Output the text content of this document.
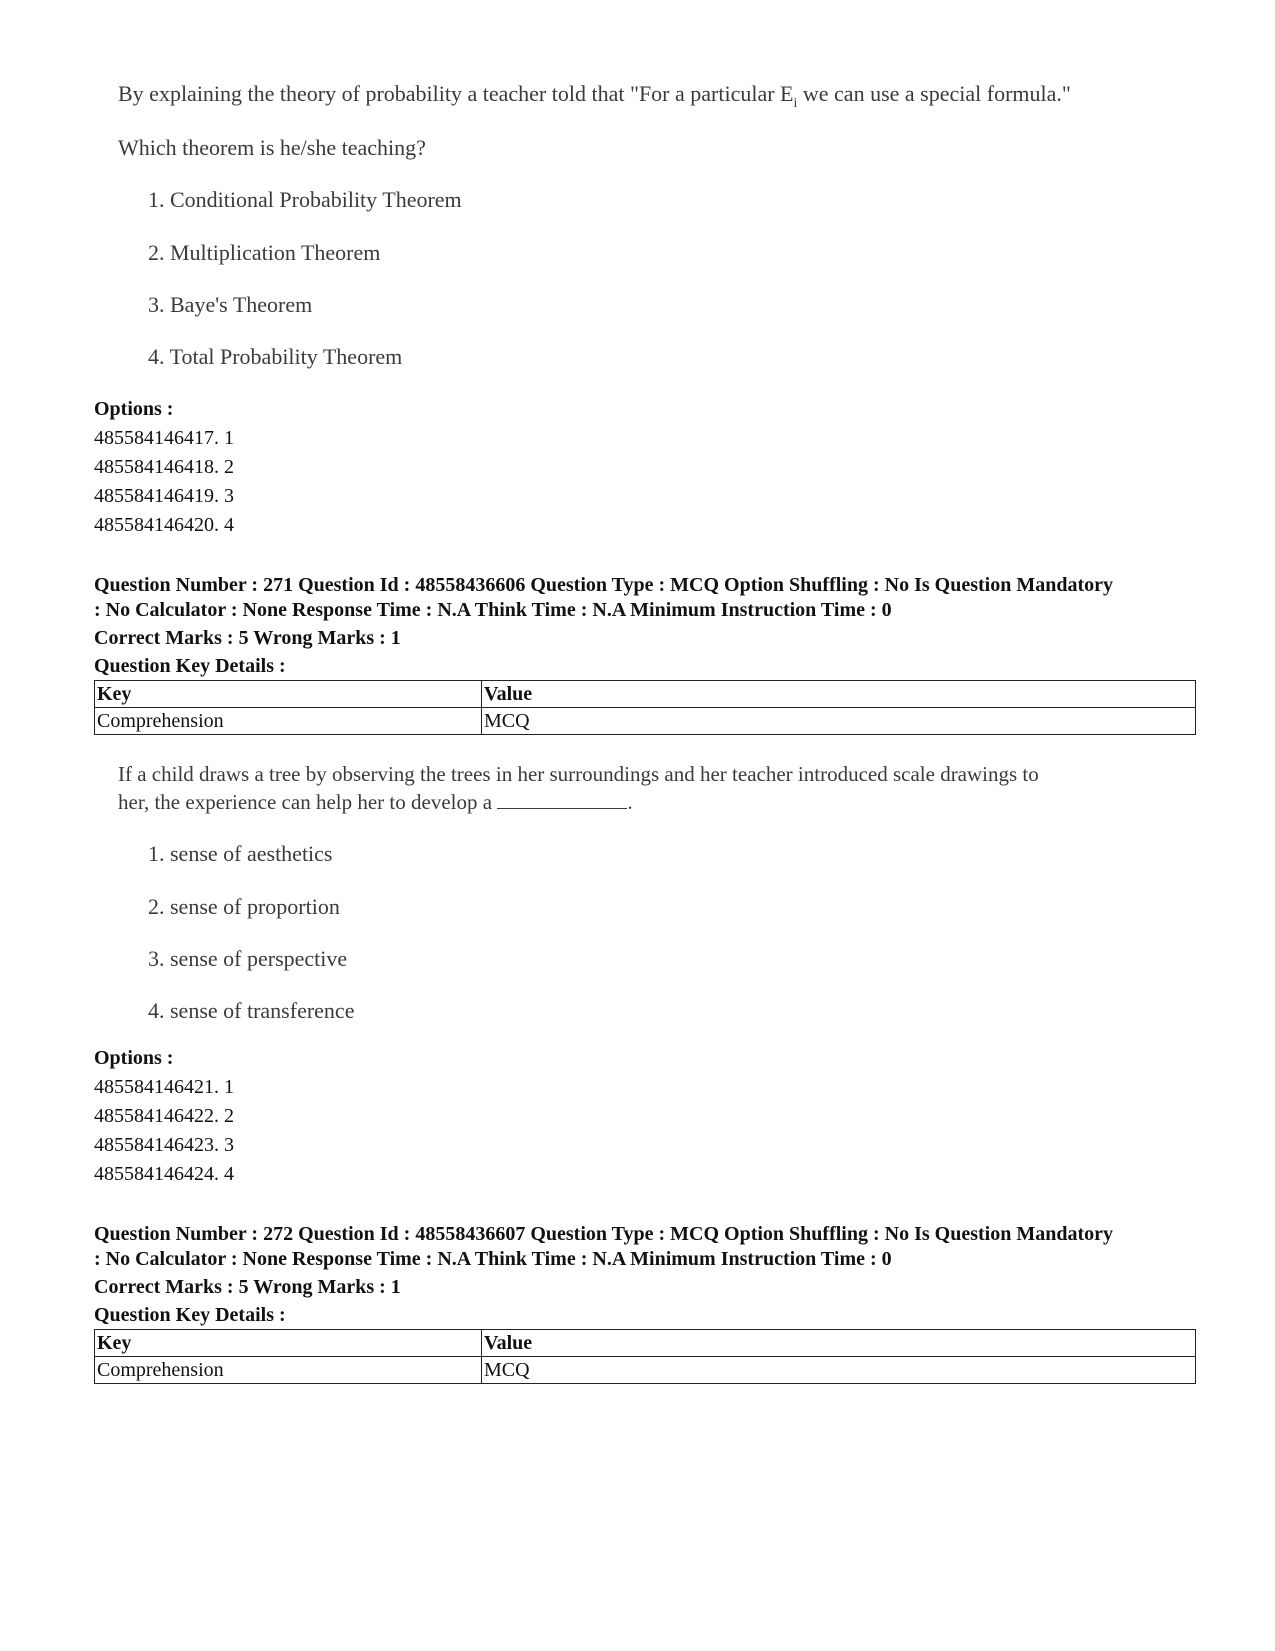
By explaining the theory of probability a teacher told that "For a particular $E_i$ we can use a special formula."
Which theorem is he/she teaching?
1. Conditional Probability Theorem
2. Multiplication Theorem
3. Baye's Theorem
4. Total Probability Theorem
Options :
485584146417. 1
485584146418. 2
485584146419. 3
485584146420. 4
Question Number : 271 Question Id : 48558436606 Question Type : MCQ Option Shuffling : No Is Question Mandatory
: No Calculator : None Response Time : N.A Think Time : N.A Minimum Instruction Time : 0
Correct Marks : 5 Wrong Marks : 1
Question Key Details :
Key	Value
Comprehension	MCQ
If a child draws a tree by observing the trees in her surroundings and her teacher introduced scale drawings to
her, the experience can help her to develop a	.
1. sense of aesthetics
2. sense of proportion
3. sense of perspective
4. sense of transference
Options :
485584146421. 1
485584146422. 2
485584146423. 3
485584146424. 4
Question Number : 272 Question Id : 48558436607 Question Type : MCQ Option Shuffling : No Is Question Mandatory
: No Calculator : None Response Time : N.A Think Time : N.A Minimum Instruction Time : 0
Correct Marks : 5 Wrong Marks : 1
Question Key Details :
Key	Value
Comprehension	MCQ
